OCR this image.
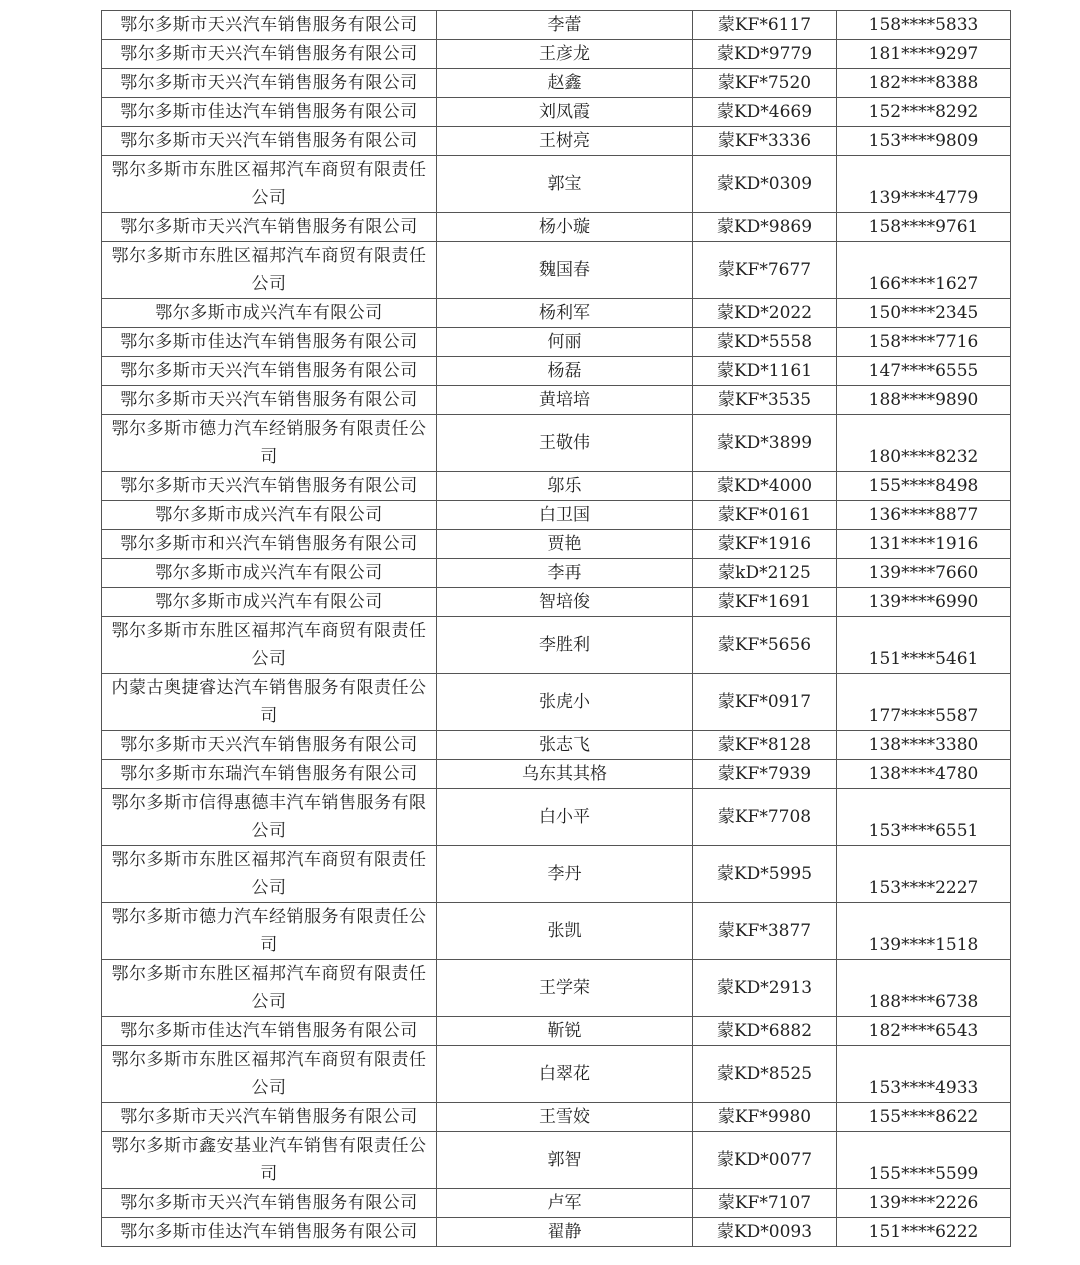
鄂尔多斯市天兴汽车销售服务有限公司	李蕾	蒙KF*6117	158****5833
鄂尔多斯市天兴汽车销售服务有限公司	王彦龙	蒙KD*9779	181****9297
鄂尔多斯市天兴汽车销售服务有限公司	赵鑫	蒙KF*7520	182****8388
鄂尔多斯市佳达汽车销售服务有限公司	刘凤霞	蒙KD*4669	152****8292
鄂尔多斯市天兴汽车销售服务有限公司	王树亮	蒙KF*3336	153****9809
鄂尔多斯市东胜区福邦汽车商贸有限责任公司	郭宝	蒙KD*0309	139****4779

鄂尔多斯市天兴汽车销售服务有限公司	杨小璇	蒙KD*9869	158****9761
鄂尔多斯市东胜区福邦汽车商贸有限责任公司	魏国春	蒙KF*7677	166****1627

鄂尔多斯市成兴汽车有限公司	杨利军	蒙KD*2022	150****2345
鄂尔多斯市佳达汽车销售服务有限公司	何丽	蒙KD*5558	158****7716
鄂尔多斯市天兴汽车销售服务有限公司	杨磊	蒙KD*1161	147****6555
鄂尔多斯市天兴汽车销售服务有限公司	黄培培	蒙KF*3535	188****9890
鄂尔多斯市德力汽车经销服务有限责任公司	王敬伟	蒙KD*3899	180****8232

鄂尔多斯市天兴汽车销售服务有限公司	邬乐	蒙KD*4000	155****8498
鄂尔多斯市成兴汽车有限公司	白卫国	蒙KF*0161	136****8877
鄂尔多斯市和兴汽车销售服务有限公司	贾艳	蒙KF*1916	131****1916
鄂尔多斯市成兴汽车有限公司	李再	蒙kD*2125	139****7660
鄂尔多斯市成兴汽车有限公司	智培俊	蒙KF*1691	139****6990
鄂尔多斯市东胜区福邦汽车商贸有限责任公司	李胜利	蒙KF*5656	151****5461

内蒙古奥捷睿达汽车销售服务有限责任公司	张虎小	蒙KF*0917	177****5587

鄂尔多斯市天兴汽车销售服务有限公司	张志飞	蒙KF*8128	138****3380
鄂尔多斯市东瑞汽车销售服务有限公司	乌东其其格	蒙KF*7939	138****4780
鄂尔多斯市信得惠德丰汽车销售服务有限公司	白小平	蒙KF*7708	153****6551

鄂尔多斯市东胜区福邦汽车商贸有限责任公司	李丹	蒙KD*5995	153****2227

鄂尔多斯市德力汽车经销服务有限责任公司	张凯	蒙KF*3877	139****1518

鄂尔多斯市东胜区福邦汽车商贸有限责任公司	王学荣	蒙KD*2913	188****6738

鄂尔多斯市佳达汽车销售服务有限公司	靳锐	蒙KD*6882	182****6543
鄂尔多斯市东胜区福邦汽车商贸有限责任公司	白翠花	蒙KD*8525	153****4933

鄂尔多斯市天兴汽车销售服务有限公司	王雪姣	蒙KF*9980	155****8622
鄂尔多斯市鑫安基业汽车销售有限责任公司	郭智	蒙KD*0077	155****5599

鄂尔多斯市天兴汽车销售服务有限公司	卢军	蒙KF*7107	139****2226
鄂尔多斯市佳达汽车销售服务有限公司	翟静	蒙KD*0093	151****6222
